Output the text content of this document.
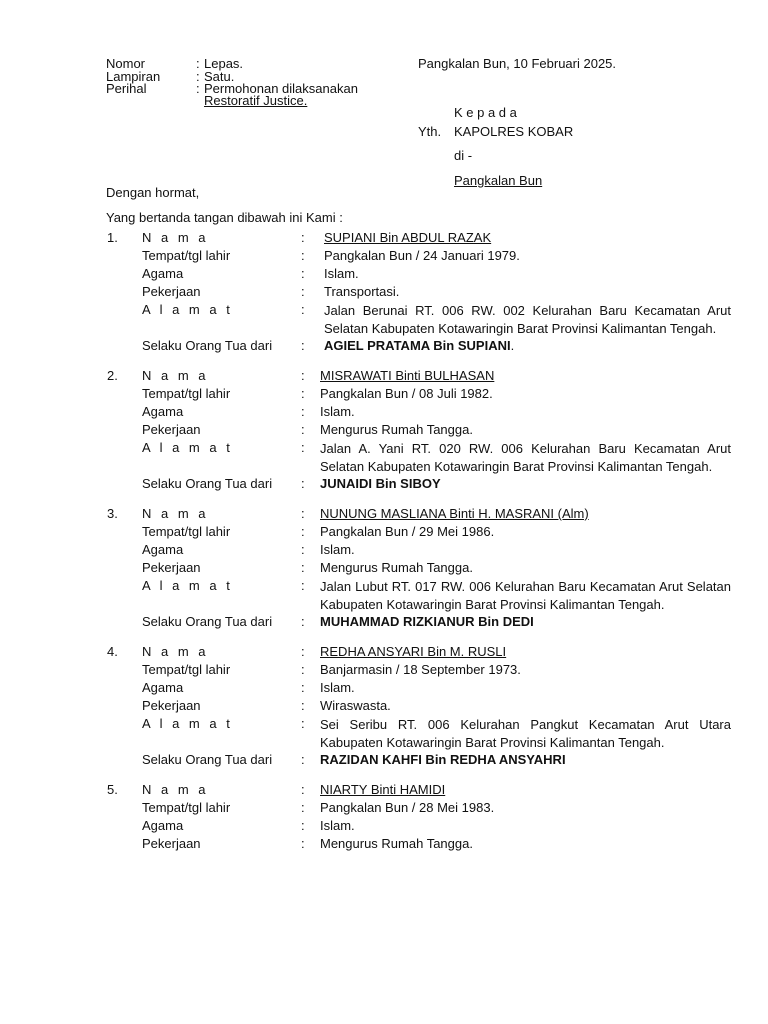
Nomor	: Lepas.
Lampiran	: Satu.
Perihal	: Permohonan dilaksanakan
Restoratif Justice.
Pangkalan Bun, 10 Februari 2025.
K e p a d a
Yth. KAPOLRES KOBAR
di -
Pangkalan Bun
Dengan hormat,
Yang bertanda tangan dibawah ini Kami :
1. N a m a	: SUPIANI Bin ABDUL RAZAK
Tempat/tgl lahir	: Pangkalan Bun / 24 Januari 1979.
Agama	: Islam.
Pekerjaan	: Transportasi.
A l a m a t	: Jalan Berunai RT. 006 RW. 002 Kelurahan Baru Kecamatan Arut Selatan Kabupaten Kotawaringin Barat Provinsi Kalimantan Tengah.
Selaku Orang Tua dari : AGIEL PRATAMA Bin SUPIANI.
2. N a m a	: MISRAWATI Binti BULHASAN
Tempat/tgl lahir	: Pangkalan Bun / 08 Juli 1982.
Agama	: Islam.
Pekerjaan	: Mengurus Rumah Tangga.
A l a m a t	: Jalan A. Yani RT. 020 RW. 006 Kelurahan Baru Kecamatan Arut Selatan Kabupaten Kotawaringin Barat Provinsi Kalimantan Tengah.
Selaku Orang Tua dari : JUNAIDI Bin SIBOY
3. N a m a	: NUNUNG MASLIANA Binti H. MASRANI (Alm)
Tempat/tgl lahir	: Pangkalan Bun / 29 Mei 1986.
Agama	: Islam.
Pekerjaan	: Mengurus Rumah Tangga.
A l a m a t	: Jalan Lubut RT. 017 RW. 006 Kelurahan Baru Kecamatan Arut Selatan Kabupaten Kotawaringin Barat Provinsi Kalimantan Tengah.
Selaku Orang Tua dari : MUHAMMAD RIZKIANUR Bin DEDI
4. N a m a	: REDHA ANSYARI Bin M. RUSLI
Tempat/tgl lahir	: Banjarmasin / 18 September 1973.
Agama	: Islam.
Pekerjaan	: Wiraswasta.
A l a m a t	: Sei Seribu RT. 006 Kelurahan Pangkut Kecamatan Arut Utara Kabupaten Kotawaringin Barat Provinsi Kalimantan Tengah.
Selaku Orang Tua dari : RAZIDAN KAHFI Bin REDHA ANSYAHRI
5. N a m a	: NIARTY Binti HAMIDI
Tempat/tgl lahir	: Pangkalan Bun / 28 Mei 1983.
Agama	: Islam.
Pekerjaan	: Mengurus Rumah Tangga.
